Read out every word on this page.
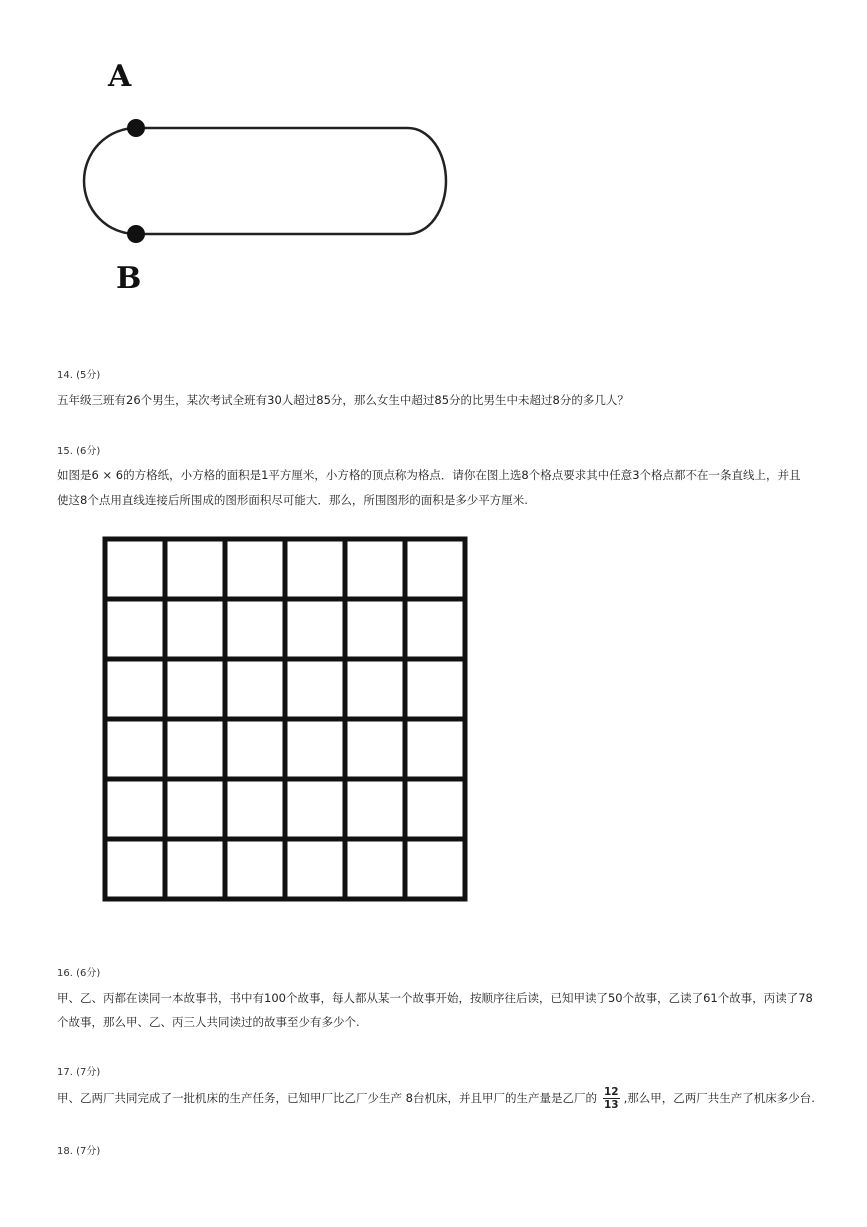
A
B
14. (5分)
五年级三班有26个男生，某次考试全班有30人超过85分，那么女生中超过85分的比男生中未超过8分的多几人？
15. (6分)
如图是6 × 6的方格纸，小方格的面积是1平方厘米，小方格的顶点称为格点．请你在图上选8个格点要求其中任意3个格点都不在一条直线上，并且
使这8个点用直线连接后所围成的图形面积尽可能大．那么，所围图形的面积是多少平方厘米.
16. (6分)
甲、乙、丙都在读同一本故事书，书中有100个故事，每人都从某一个故事开始，按顺序往后读，已知甲读了50个故事，乙读了61个故事，丙读了78
个故事，那么甲、乙、丙三人共同读过的故事至少有多少个.
17. (7分)
甲、乙两厂共同完成了一批机床的生产任务，已知甲厂比乙厂少生产 8台机床，并且甲厂的生产量是乙厂的 $\frac{12}{13}$ ,那么甲，乙两厂共生产了机床多少台.
18. (7分)
